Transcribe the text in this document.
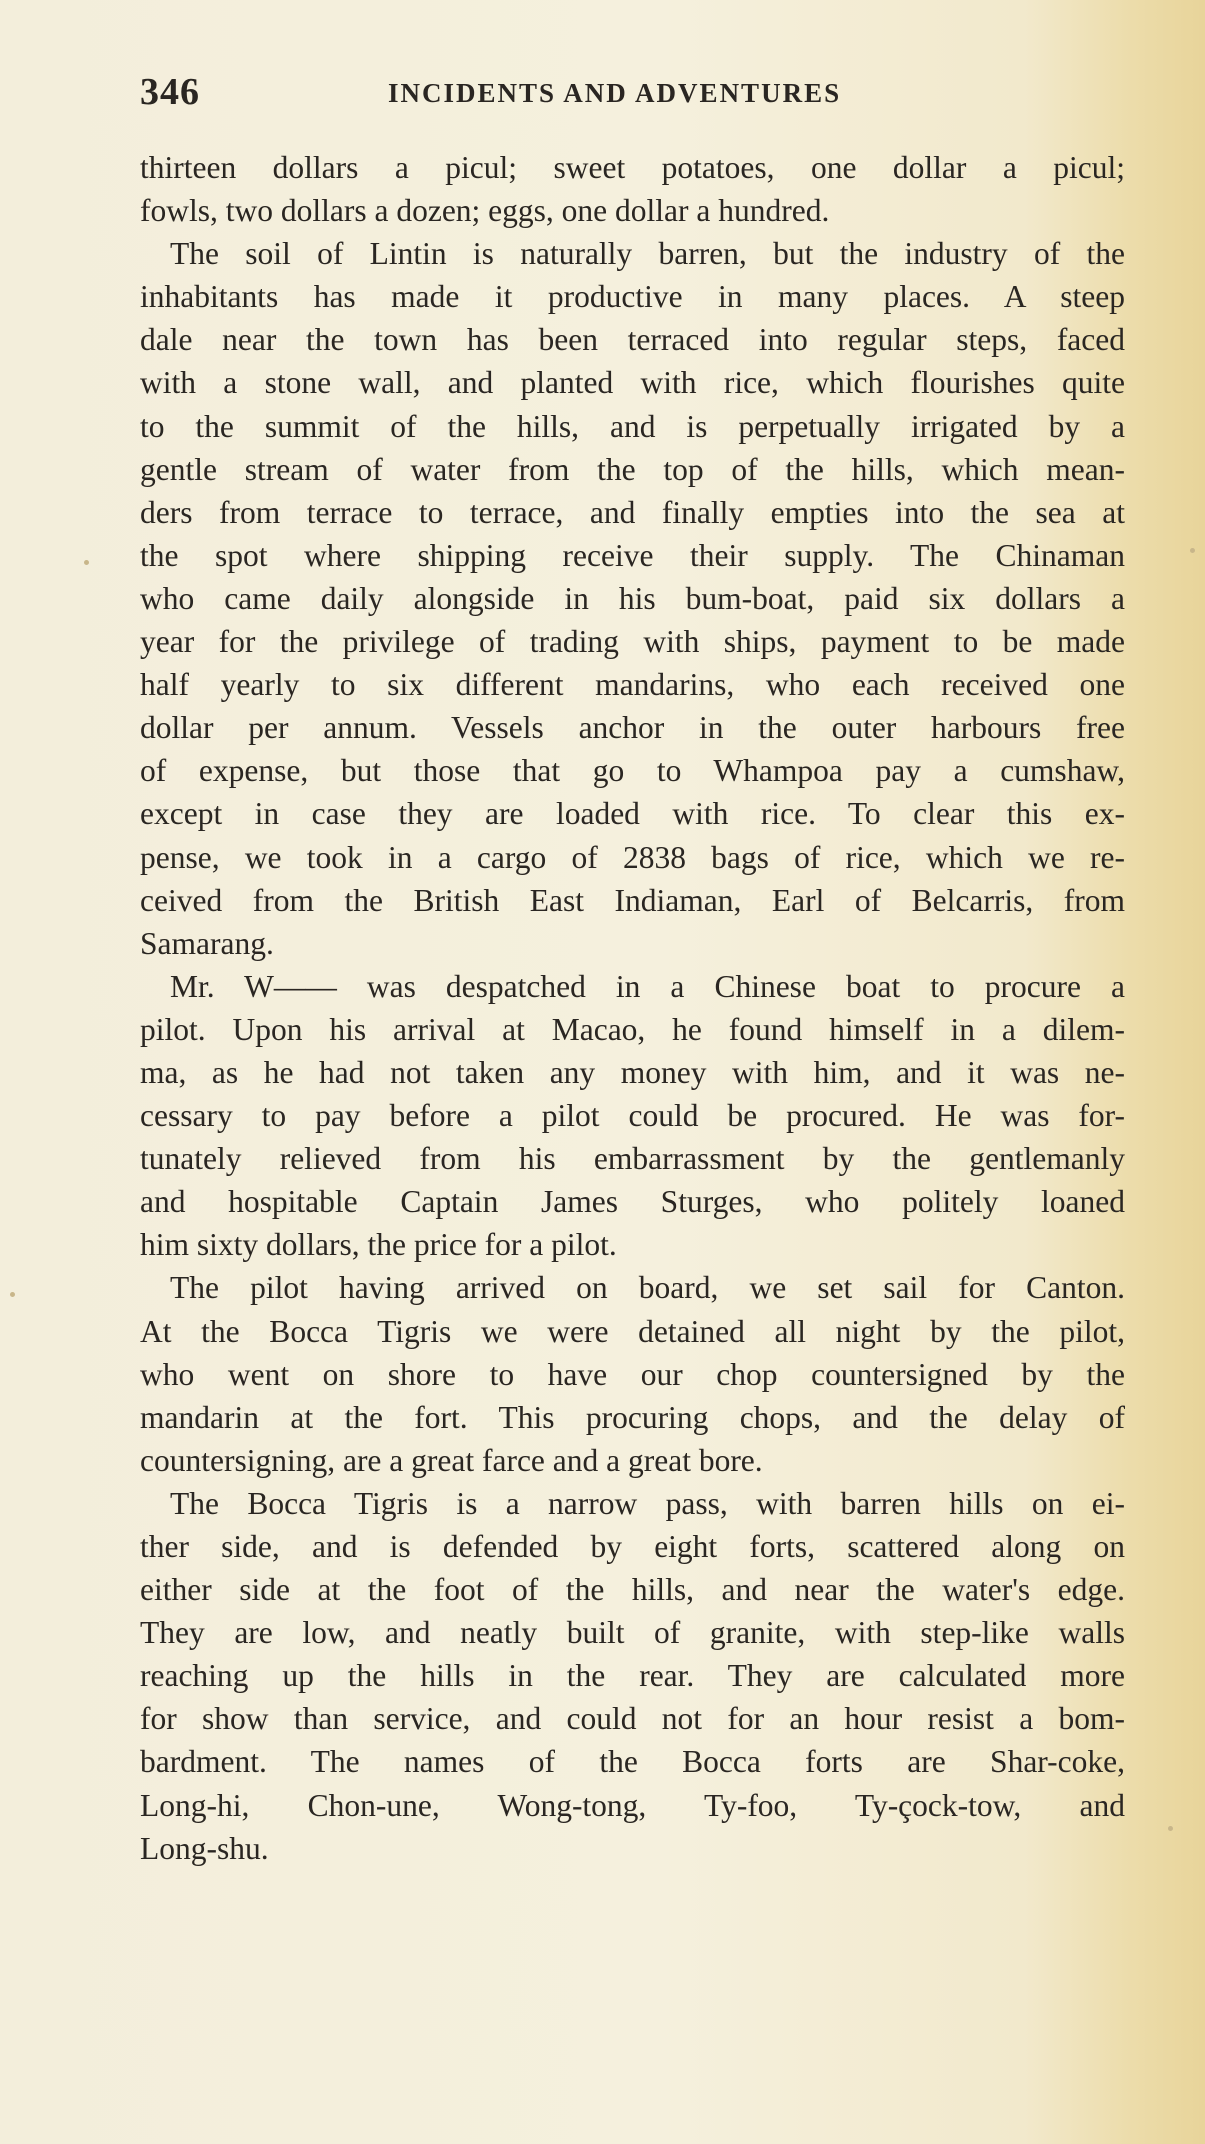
346	INCIDENTS AND ADVENTURES
thirteen dollars a picul; sweet potatoes, one dollar a picul;
fowls, two dollars a dozen; eggs, one dollar a hundred.
The soil of Lintin is naturally barren, but the industry of the
inhabitants has made it productive in many places. A steep
dale near the town has been terraced into regular steps, faced
with a stone wall, and planted with rice, which flourishes quite
to the summit of the hills, and is perpetually irrigated by a
gentle stream of water from the top of the hills, which mean-
ders from terrace to terrace, and finally empties into the sea at
the spot where shipping receive their supply. The Chinaman
who came daily alongside in his bum-boat, paid six dollars a
year for the privilege of trading with ships, payment to be made
half yearly to six different mandarins, who each received one
dollar per annum. Vessels anchor in the outer harbours free
of expense, but those that go to Whampoa pay a cumshaw,
except in case they are loaded with rice. To clear this ex-
pense, we took in a cargo of 2838 bags of rice, which we re-
ceived from the British East Indiaman, Earl of Belcarris, from
Samarang.
Mr. W—— was despatched in a Chinese boat to procure a
pilot. Upon his arrival at Macao, he found himself in a dilem-
ma, as he had not taken any money with him, and it was ne-
cessary to pay before a pilot could be procured. He was for-
tunately relieved from his embarrassment by the gentlemanly
and hospitable Captain James Sturges, who politely loaned
him sixty dollars, the price for a pilot.
The pilot having arrived on board, we set sail for Canton.
At the Bocca Tigris we were detained all night by the pilot,
who went on shore to have our chop countersigned by the
mandarin at the fort. This procuring chops, and the delay of
countersigning, are a great farce and a great bore.
The Bocca Tigris is a narrow pass, with barren hills on ei-
ther side, and is defended by eight forts, scattered along on
either side at the foot of the hills, and near the water's edge.
They are low, and neatly built of granite, with step-like walls
reaching up the hills in the rear. They are calculated more
for show than service, and could not for an hour resist a bom-
bardment. The names of the Bocca forts are Shar-coke,
Long-hi, Chon-une, Wong-tong, Ty-foo, Ty-çock-tow, and
Long-shu.
